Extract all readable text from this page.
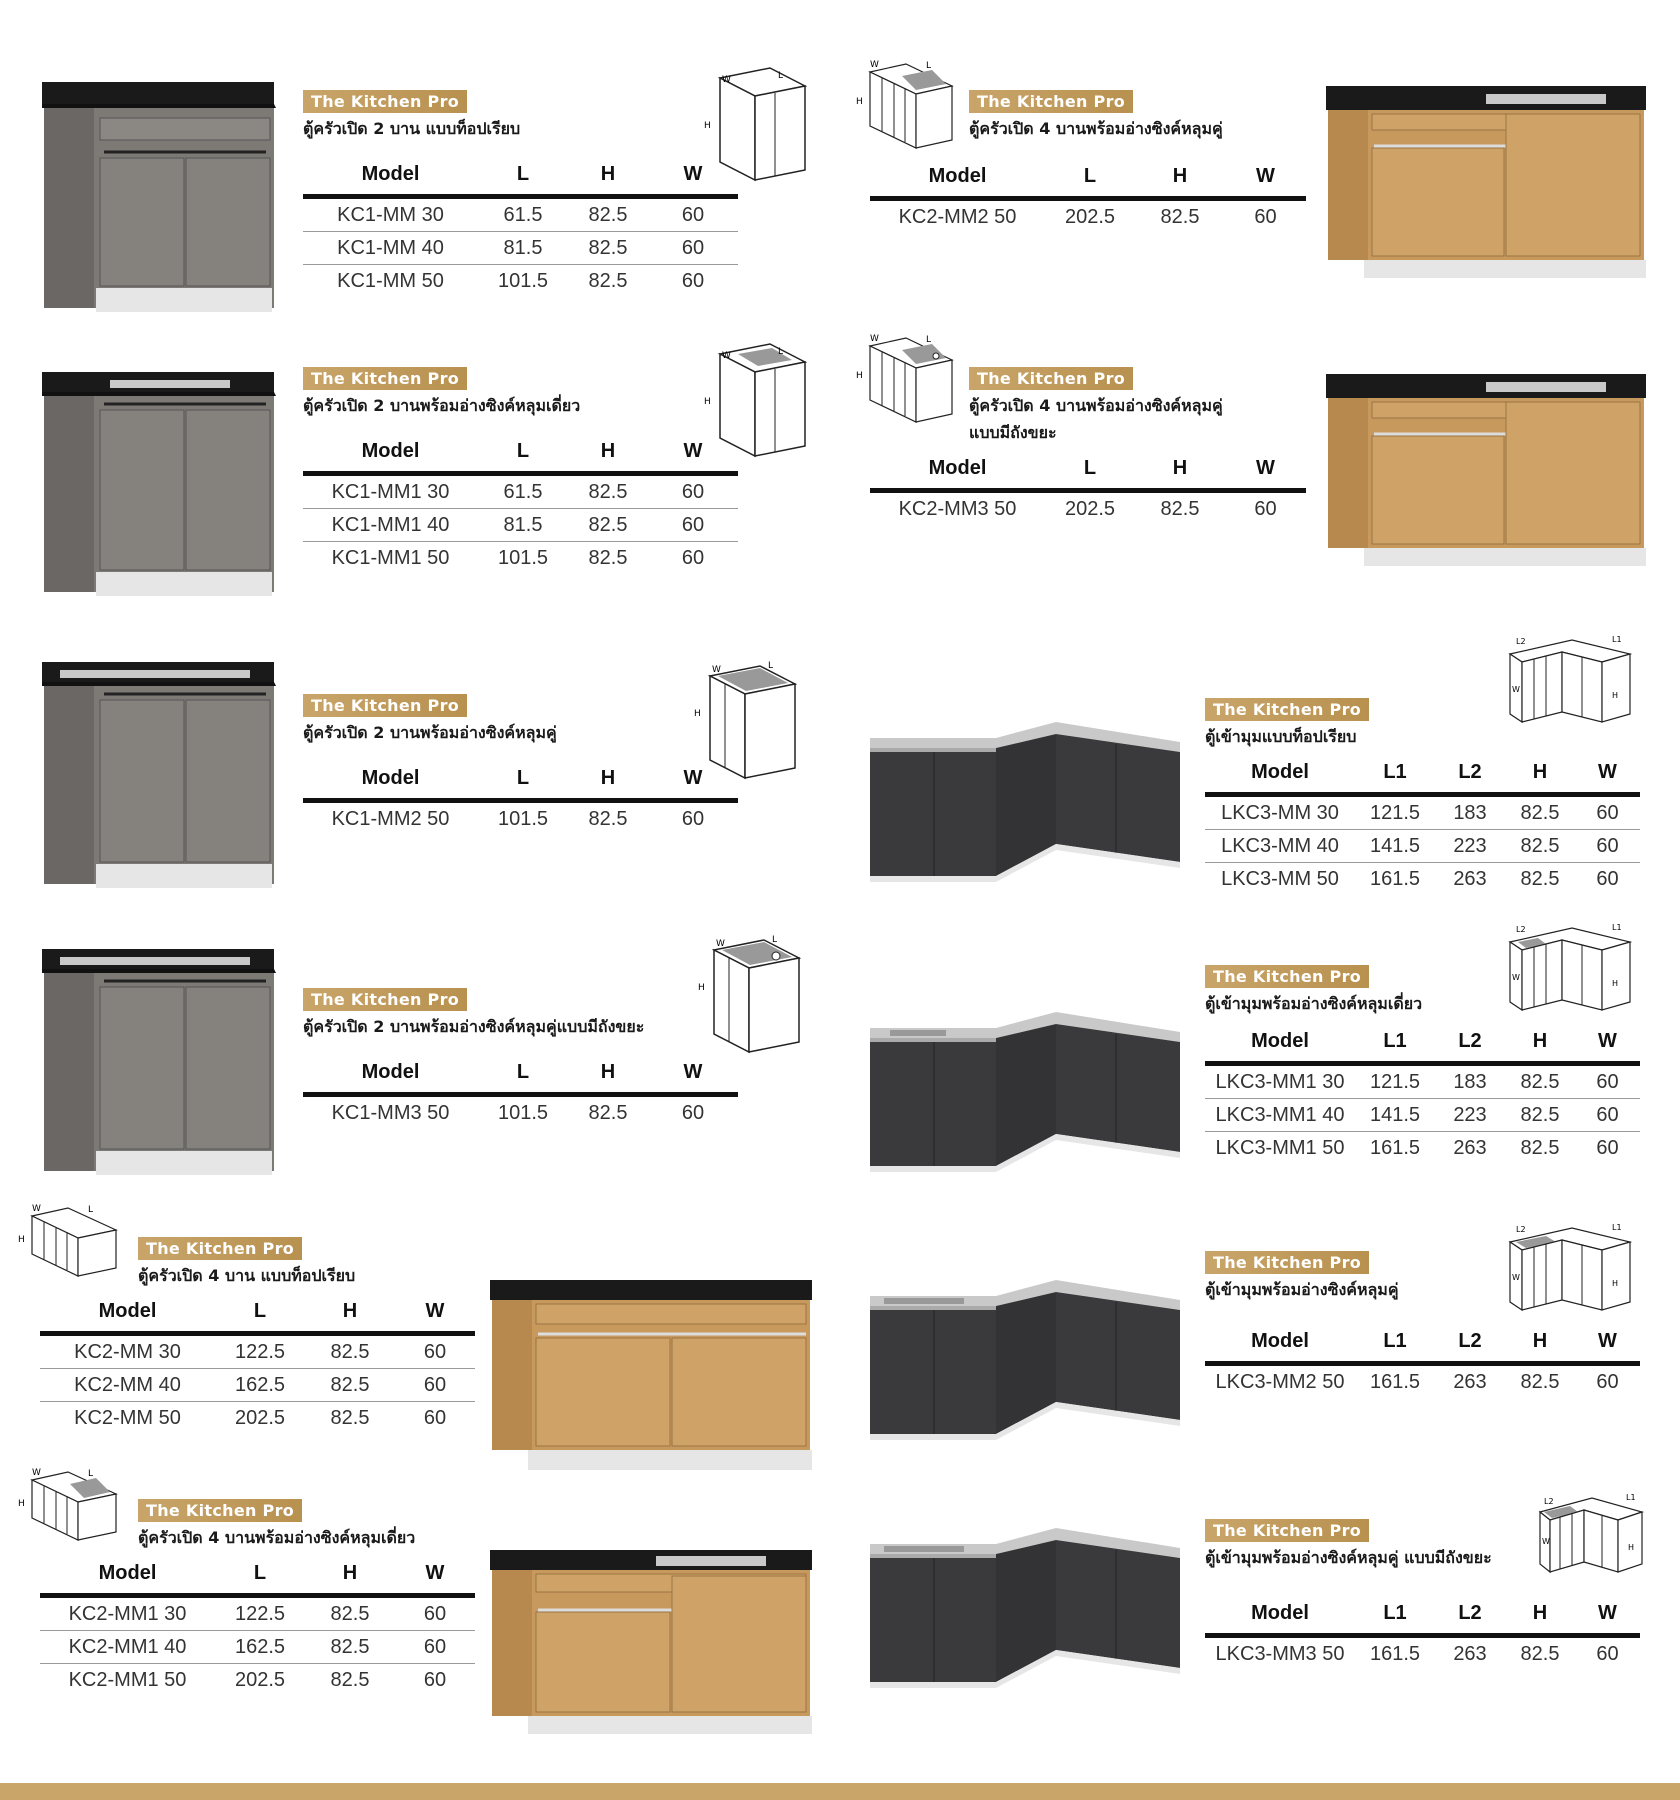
W	L
H
The Kitchen Pro
ตู้ครัวเปิด 2 บาน แบบท็อปเรียบ
Model	L	H	W
KC1-MM 30	61.5	82.5	60
KC1-MM 40	81.5	82.5	60
KC1-MM 50	101.5	82.5	60
W	L
H
The Kitchen Pro
ตู้ครัวเปิด 2 บานพร้อมอ่างซิงค์หลุมเดี่ยว
Model	L	H	W
KC1-MM1 30	61.5	82.5	60
KC1-MM1 40	81.5	82.5	60
KC1-MM1 50	101.5	82.5	60
W	L
H
The Kitchen Pro
ตู้ครัวเปิด 2 บานพร้อมอ่างซิงค์หลุมคู่
Model	L	H	W
KC1-MM2 50	101.5	82.5	60
W	L
H
The Kitchen Pro
ตู้ครัวเปิด 2 บานพร้อมอ่างซิงค์หลุมคู่แบบมีถังขยะ
Model	L	H	W
KC1-MM3 50	101.5	82.5	60
W	L
H	The Kitchen Pro
ตู้ครัวเปิด 4 บาน แบบท็อปเรียบ
Model	L	H	W
KC2-MM 30	122.5	82.5	60
KC2-MM 40	162.5	82.5	60
KC2-MM 50	202.5	82.5	60
W	L
H	The Kitchen Pro
ตู้ครัวเปิด 4 บานพร้อมอ่างซิงค์หลุมเดี่ยว
Model	L	H	W
KC2-MM1 30	122.5	82.5	60
KC2-MM1 40	162.5	82.5	60
KC2-MM1 50	202.5	82.5	60
W	L
H	The Kitchen Pro
ตู้ครัวเปิด 4 บานพร้อมอ่างซิงค์หลุมคู่
Model	L	H	W
KC2-MM2 50	202.5	82.5	60
W	L
H	The Kitchen Pro
ตู้ครัวเปิด 4 บานพร้อมอ่างซิงค์หลุมคู่
แบบมีถังขยะ
Model	L	H	W
KC2-MM3 50	202.5	82.5	60
L2	L1
W
H
The Kitchen Pro
ตู้เข้ามุมแบบท็อปเรียบ
Model	L1	L2	H	W
LKC3-MM 30	121.5	183	82.5	60
LKC3-MM 40	141.5	223	82.5	60
LKC3-MM 50	161.5	263	82.5	60
L2	L1
W
H
The Kitchen Pro
ตู้เข้ามุมพร้อมอ่างซิงค์หลุมเดี่ยว
Model	L1	L2	H	W
LKC3-MM1 30	121.5	183	82.5	60
LKC3-MM1 40	141.5	223	82.5	60
LKC3-MM1 50	161.5	263	82.5	60
L2	L1
W
H
The Kitchen Pro
ตู้เข้ามุมพร้อมอ่างซิงค์หลุมคู่
Model	L1	L2	H	W
LKC3-MM2 50	161.5	263	82.5	60
L2	L1
W
H
The Kitchen Pro
ตู้เข้ามุมพร้อมอ่างซิงค์หลุมคู่ แบบมีถังขยะ
Model	L1	L2	H	W
LKC3-MM3 50	161.5	263	82.5	60
